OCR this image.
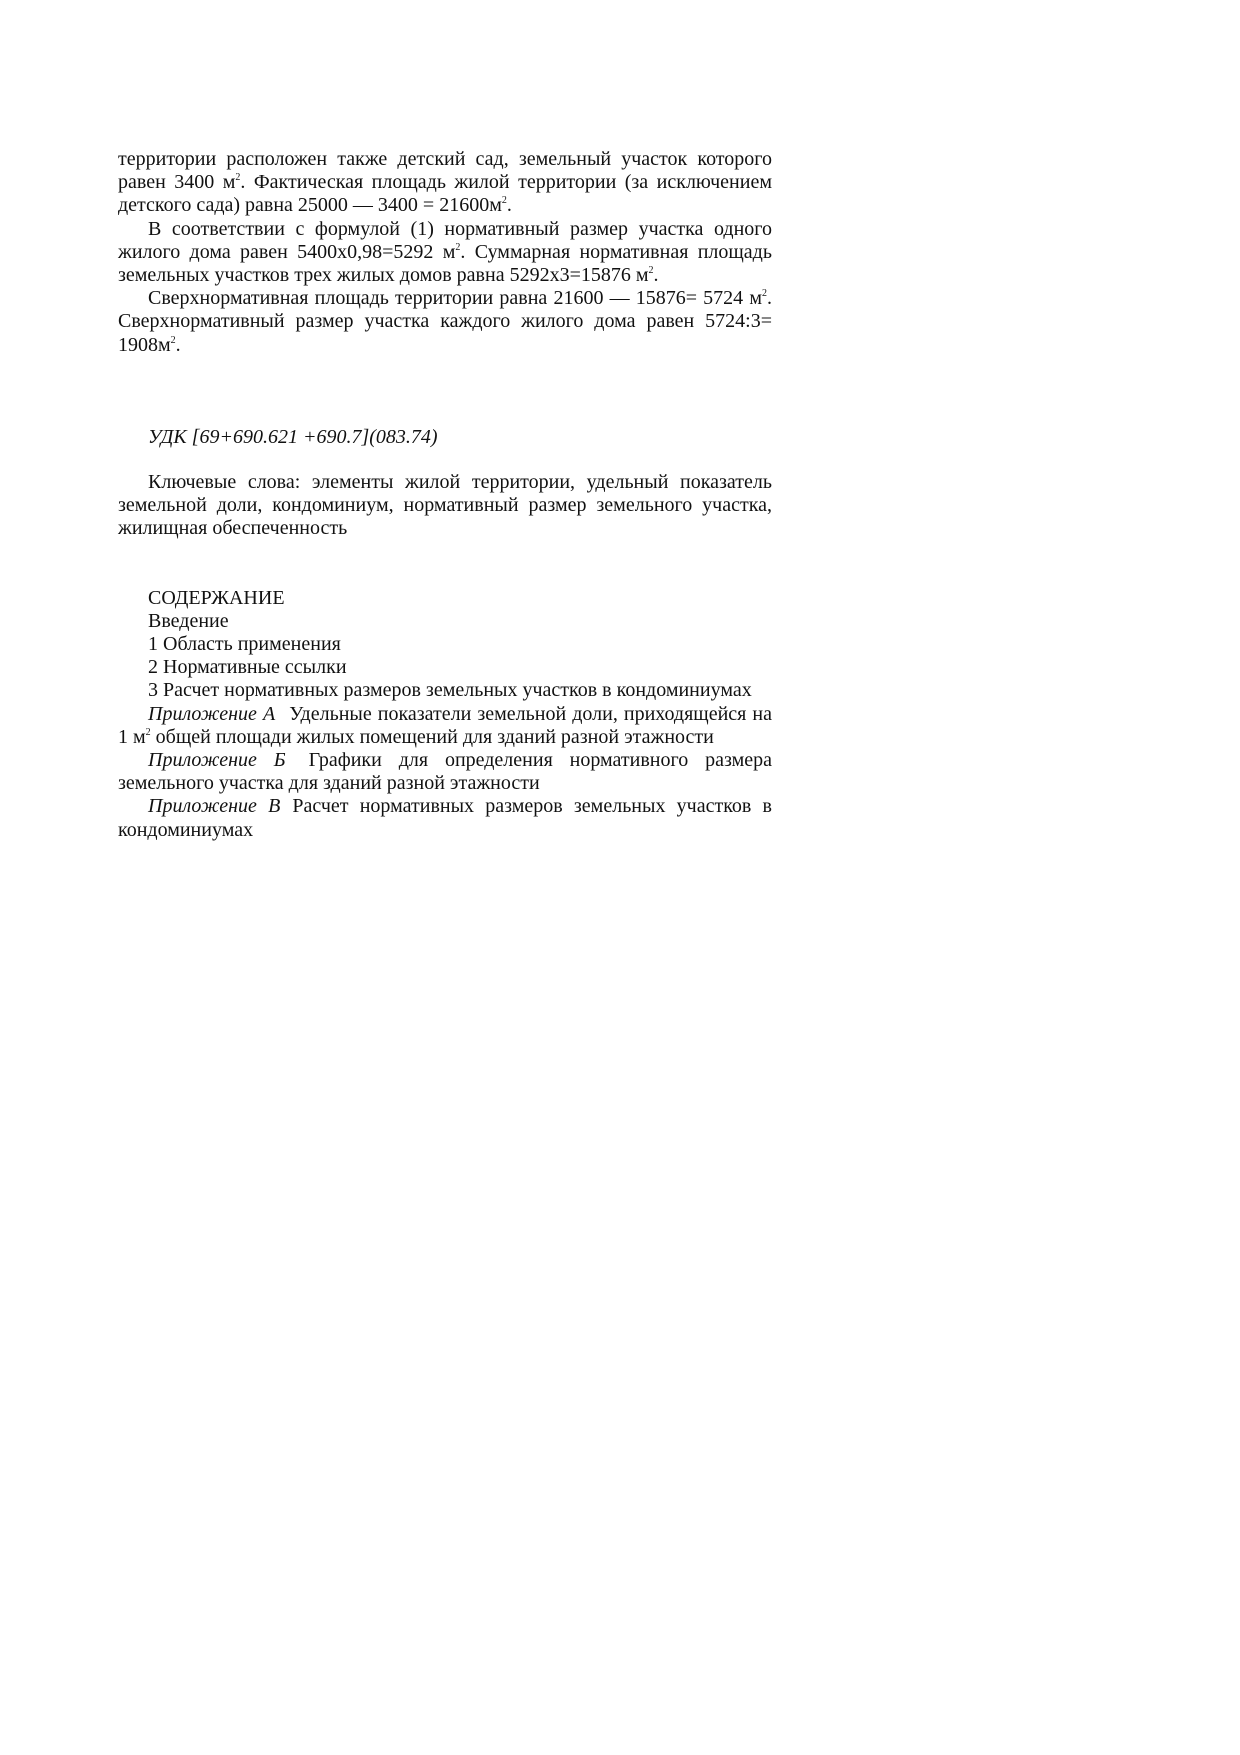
территории расположен также детский сад, земельный участок которого равен 3400 $м^2$. Фактическая площадь жилой территории (за исключением детского сада) равна 25000 — $3400 = 21600м^2$.

В соответствии с формулой (1) нормативный размер участка одного жилого дома равен 5400х0,98=5292 $м^2$. Суммарная нормативная площадь земельных участков трех жилых домов равна 5292х3=15876 $м^2$.

Сверхнормативная площадь территории равна 21600 — 15876= 5724 $м^2$. Сверхнормативный размер участка каждого жилого дома равен 5724:3= $1908м^2$.

УДК [69+690.621 +690.7](083.74)

Ключевые слова: элементы жилой территории, удельный показатель земельной доли, кондоминиум, нормативный размер земельного участка, жилищная обеспеченность

СОДЕРЖАНИЕ

Введение

1 Область применения

2 Нормативные ссылки

3 Расчет нормативных размеров земельных участков в кондоминиумах

Приложение А Удельные показатели земельной доли, приходящейся на 1 $м^2$ общей площади жилых помещений для зданий разной этажности

Приложение Б Графики для определения нормативного размера земельного участка для зданий разной этажности

Приложение В Расчет нормативных размеров земельных участков в кондоминиумах
